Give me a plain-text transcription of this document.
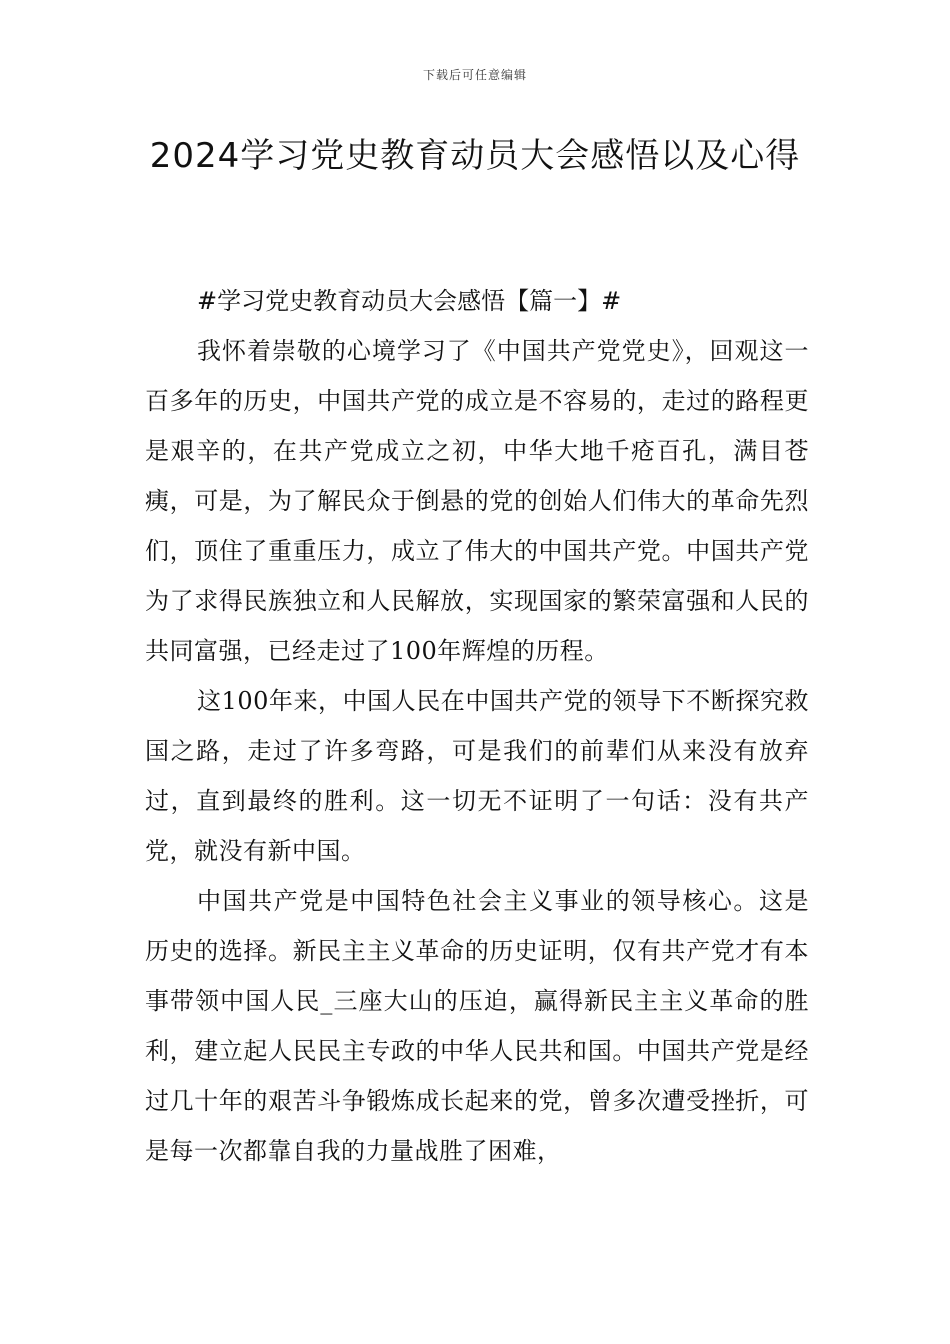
下载后可任意编辑
2024学习党史教育动员大会感悟以及心得

#学习党史教育动员大会感悟【篇一】#

我怀着崇敬的心境学习了《中国共产党党史》，回观这一百多年的历史，中国共产党的成立是不容易的，走过的路程更是艰辛的，在共产党成立之初，中华大地千疮百孔，满目苍痍，可是，为了解民众于倒悬的党的创始人们伟大的革命先烈们，顶住了重重压力，成立了伟大的中国共产党。中国共产党为了求得民族独立和人民解放，实现国家的繁荣富强和人民的共同富强，已经走过了100年辉煌的历程。

这100年来，中国人民在中国共产党的领导下不断探究救国之路，走过了许多弯路，可是我们的前辈们从来没有放弃过，直到最终的胜利。这一切无不证明了一句话：没有共产党，就没有新中国。

中国共产党是中国特色社会主义事业的领导核心。这是历史的选择。新民主主义革命的历史证明，仅有共产党才有本事带领中国人民_三座大山的压迫，赢得新民主主义革命的胜利，建立起人民民主专政的中华人民共和国。中国共产党是经过几十年的艰苦斗争锻炼成长起来的党，曾多次遭受挫折，可是每一次都靠自我的力量战胜了困难，
